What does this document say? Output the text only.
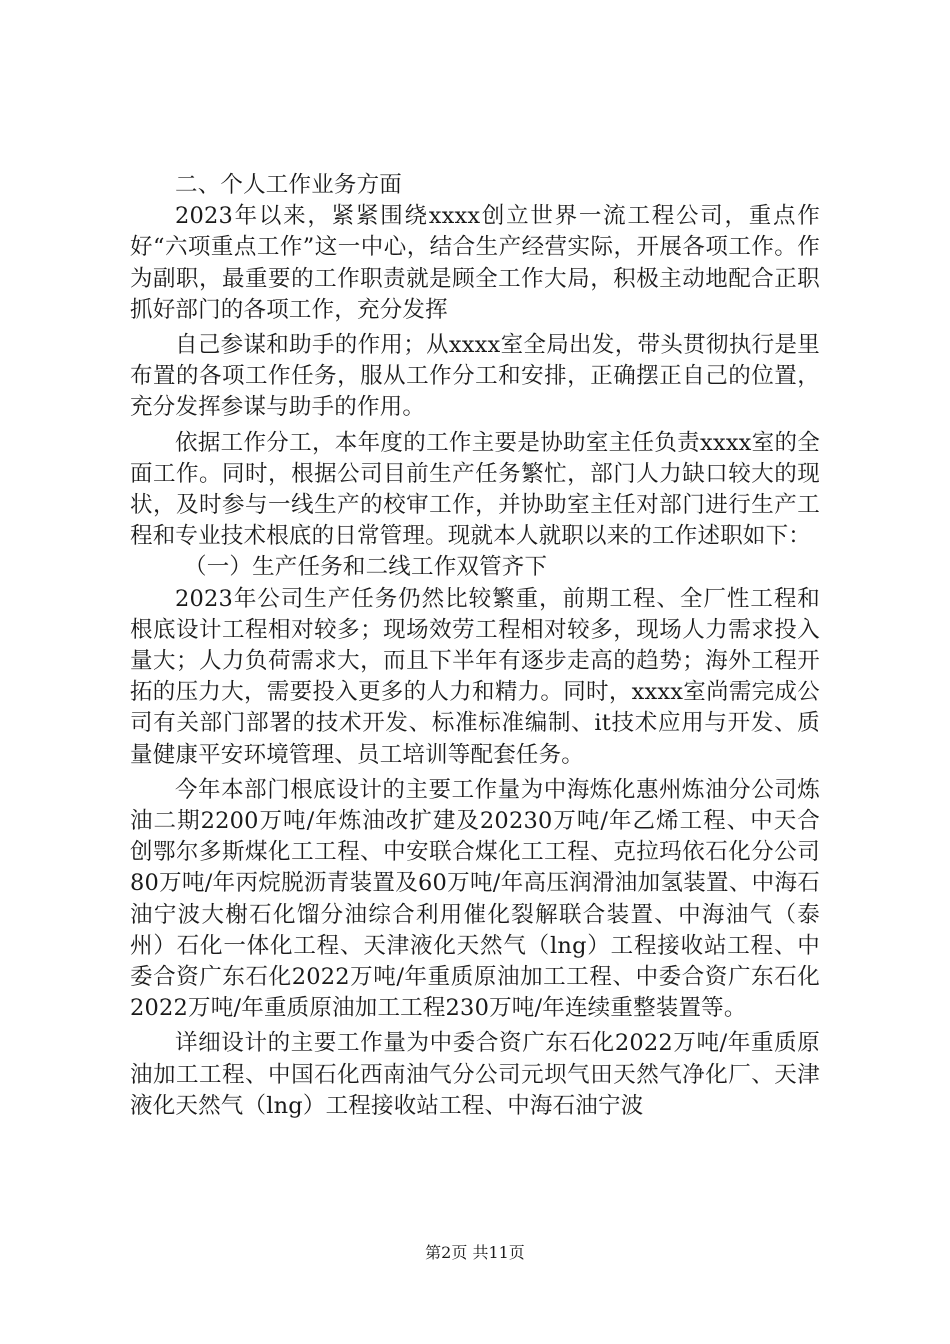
二、个人工作业务方面

2023年以来，紧紧围绕xxxx创立世界一流工程公司，重点作好“六项重点工作”这一中心，结合生产经营实际，开展各项工作。作为副职，最重要的工作职责就是顾全工作大局，积极主动地配合正职抓好部门的各项工作，充分发挥

自己参谋和助手的作用；从xxxx室全局出发，带头贯彻执行是里布置的各项工作任务，服从工作分工和安排，正确摆正自己的位置，充分发挥参谋与助手的作用。

依据工作分工，本年度的工作主要是协助室主任负责xxxx室的全面工作。同时，根据公司目前生产任务繁忙，部门人力缺口较大的现状，及时参与一线生产的校审工作，并协助室主任对部门进行生产工程和专业技术根底的日常管理。现就本人就职以来的工作述职如下：

（一）生产任务和二线工作双管齐下

2023年公司生产任务仍然比较繁重，前期工程、全厂性工程和根底设计工程相对较多；现场效劳工程相对较多，现场人力需求投入量大；人力负荷需求大，而且下半年有逐步走高的趋势；海外工程开拓的压力大，需要投入更多的人力和精力。同时，xxxx室尚需完成公司有关部门部署的技术开发、标准标准编制、it技术应用与开发、质量健康平安环境管理、员工培训等配套任务。

今年本部门根底设计的主要工作量为中海炼化惠州炼油分公司炼油二期2200万吨/年炼油改扩建及20230万吨/年乙烯工程、中天合创鄂尔多斯煤化工工程、中安联合煤化工工程、克拉玛依石化分公司80万吨/年丙烷脱沥青装置及60万吨/年高压润滑油加氢装置、中海石油宁波大榭石化馏分油综合利用催化裂解联合装置、中海油气（泰州）石化一体化工程、天津液化天然气（lng）工程接收站工程、中委合资广东石化2022万吨/年重质原油加工工程、中委合资广东石化2022万吨/年重质原油加工工程230万吨/年连续重整装置等。

详细设计的主要工作量为中委合资广东石化2022万吨/年重质原油加工工程、中国石化西南油气分公司元坝气田天然气净化厂、天津液化天然气（lng）工程接收站工程、中海石油宁波

第2页 共11页
